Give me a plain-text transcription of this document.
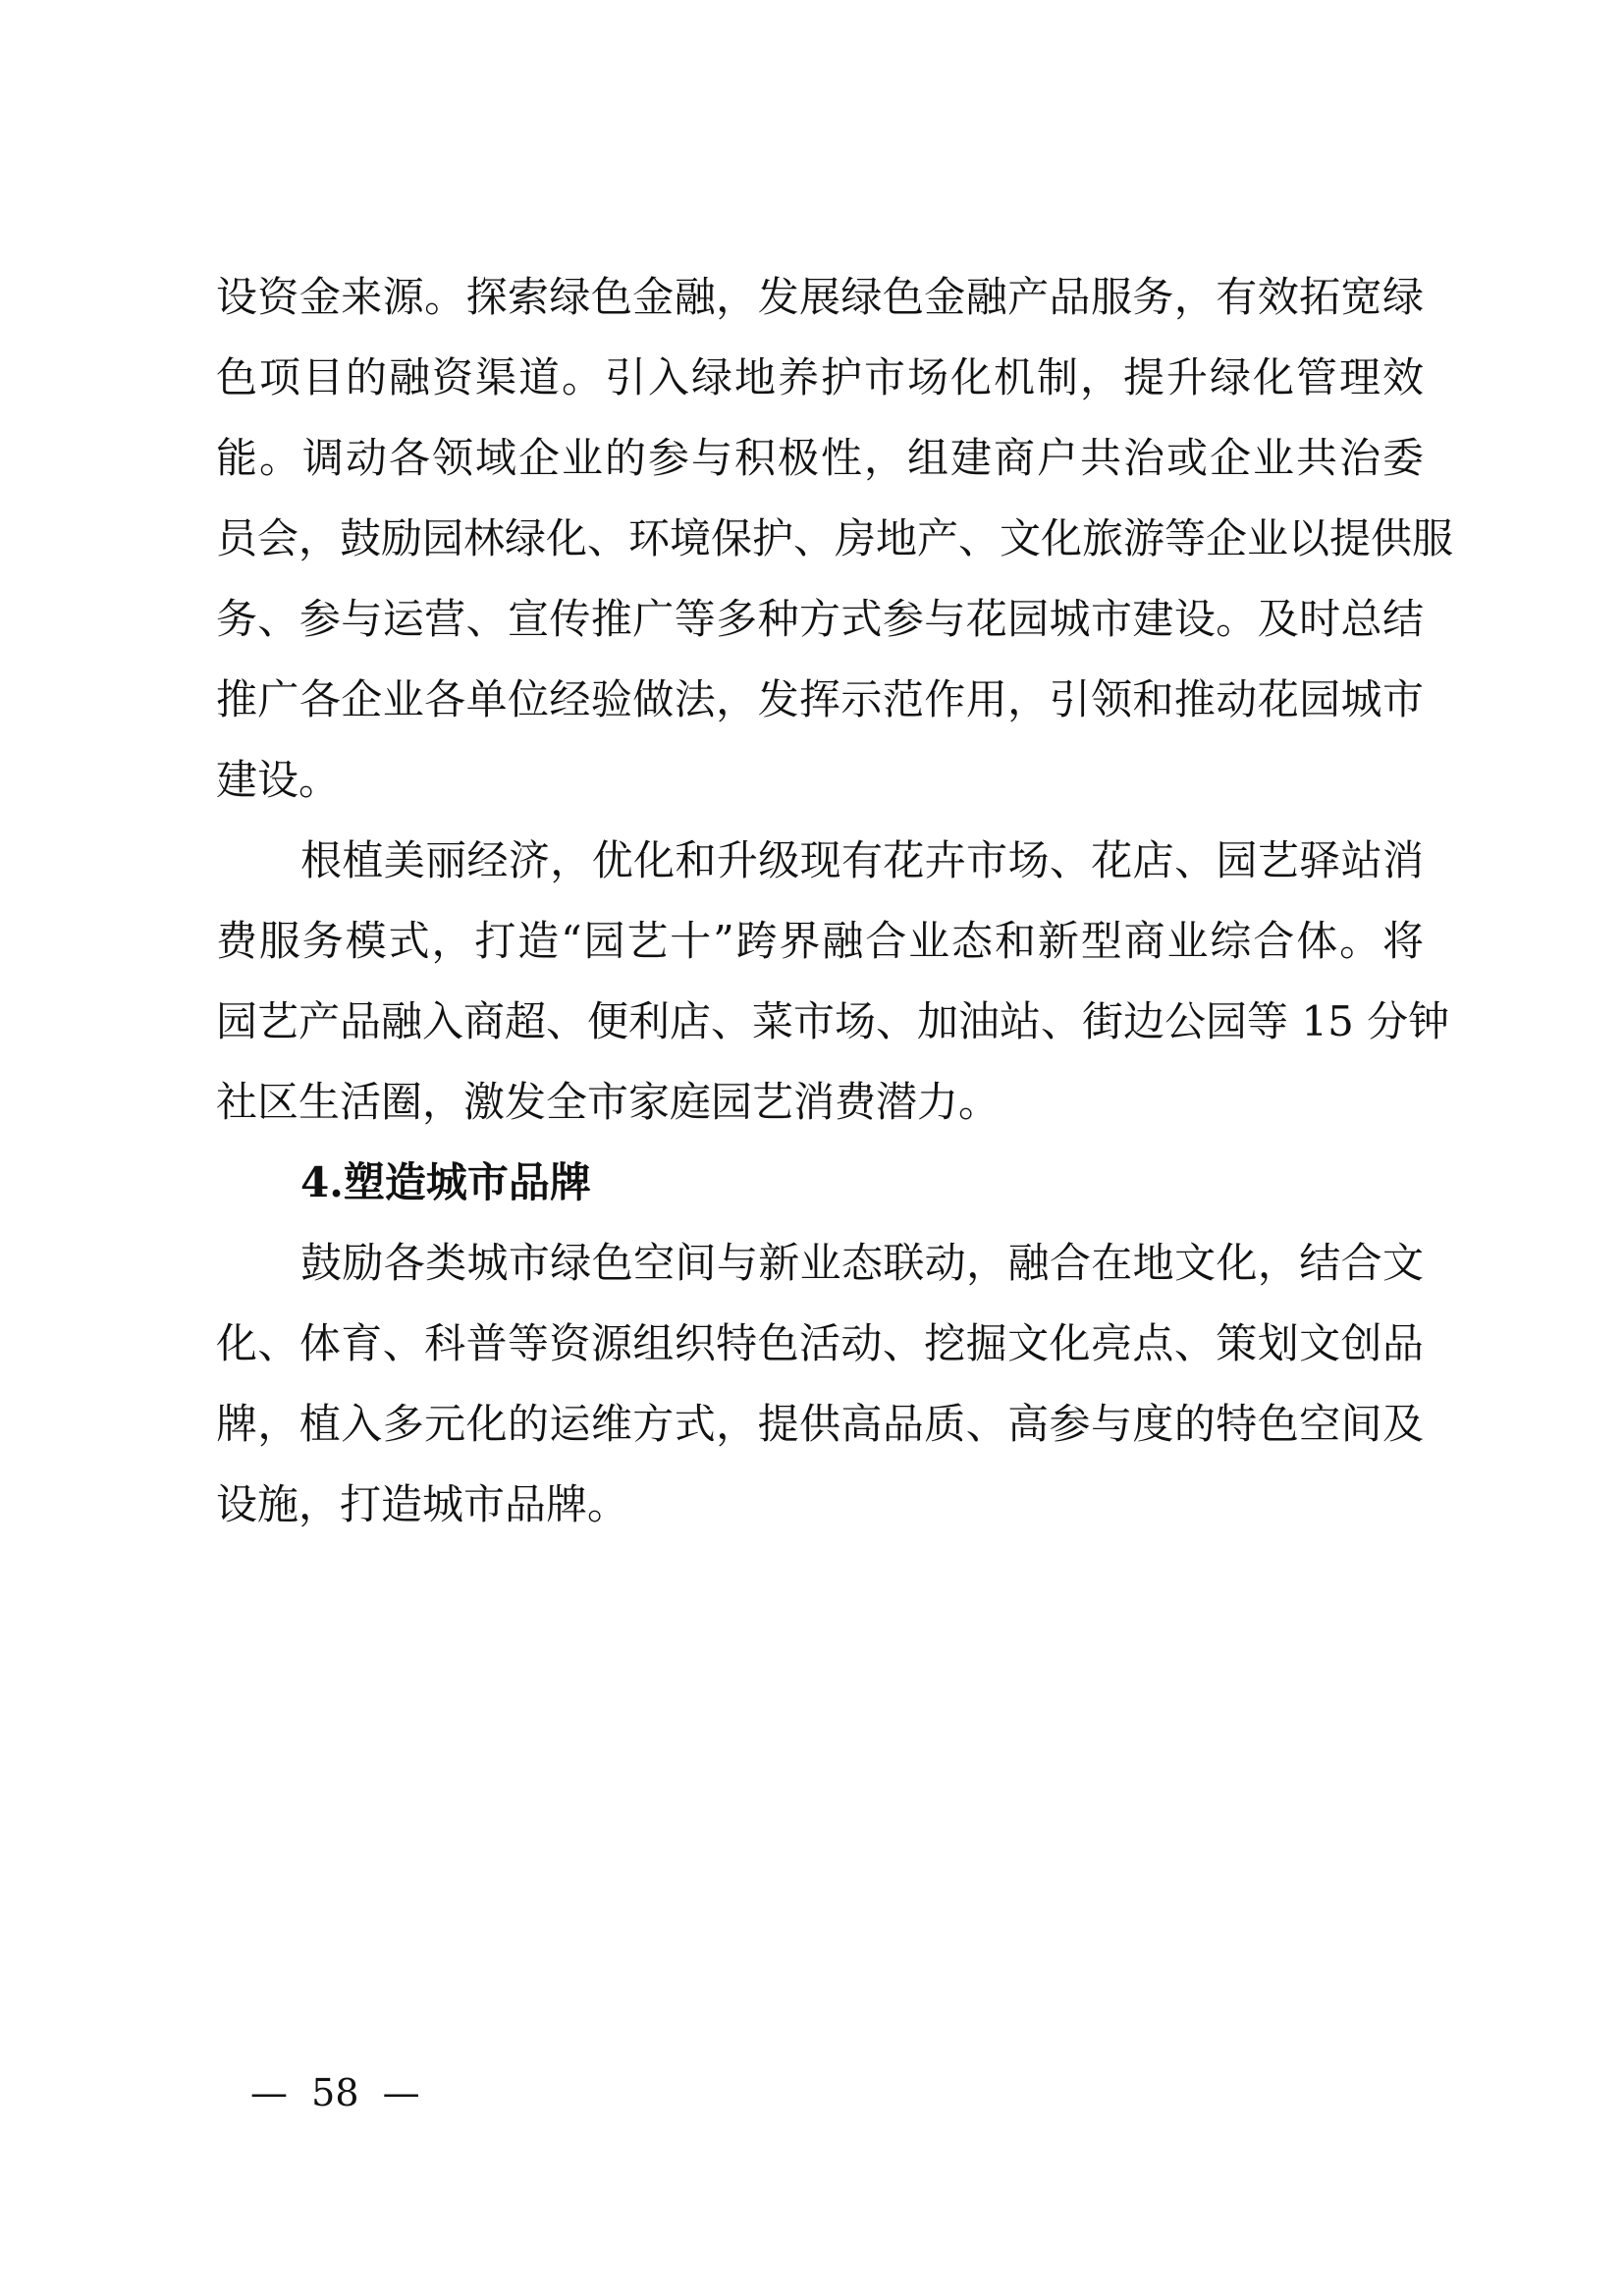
设资金来源。探索绿色金融，发展绿色金融产品服务，有效拓宽绿
色项目的融资渠道。引入绿地养护市场化机制，提升绿化管理效
能。调动各领域企业的参与积极性，组建商户共治或企业共治委
员会，鼓励园林绿化、环境保护、房地产、文化旅游等企业以提供服
务、参与运营、宣传推广等多种方式参与花园城市建设。及时总结
推广各企业各单位经验做法，发挥示范作用，引领和推动花园城市
建设。
根植美丽经济，优化和升级现有花卉市场、花店、园艺驿站消
费服务模式，打造“园艺十”跨界融合业态和新型商业综合体。将
园艺产品融入商超、便利店、菜市场、加油站、街边公园等 15 分钟
社区生活圈，激发全市家庭园艺消费潜力。
4.塑造城市品牌
鼓励各类城市绿色空间与新业态联动，融合在地文化，结合文
化、体育、科普等资源组织特色活动、挖掘文化亮点、策划文创品
牌，植入多元化的运维方式，提供高品质、高参与度的特色空间及
设施，打造城市品牌。
—  58  —
